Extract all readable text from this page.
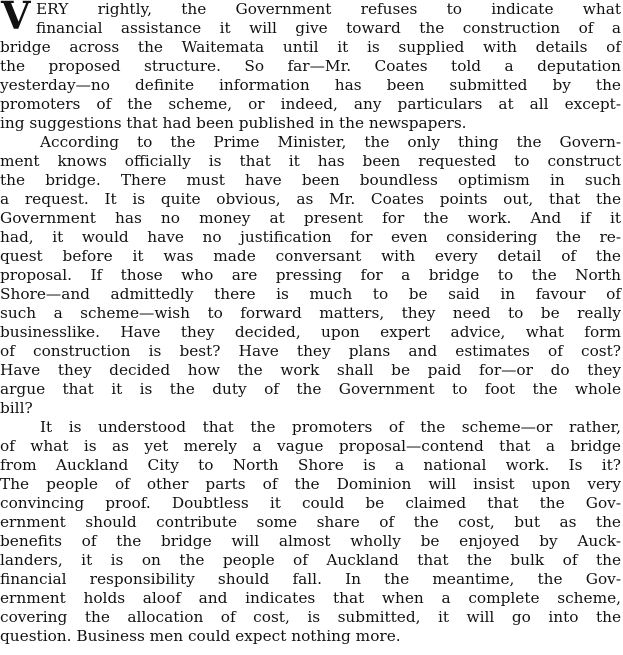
V ERY rightly, the Government refuses to indicate what
financial assistance it will give toward the construction of a
bridge across the Waitemata until it is supplied with details of
the proposed structure. So far—Mr. Coates told a deputation
yesterday—no definite information has been submitted by the
promoters of the scheme, or indeed, any particulars at all except-
ing suggestions that had been published in the newspapers.
According to the Prime Minister, the only thing the Govern-
ment knows officially is that it has been requested to construct
the bridge. There must have been boundless optimism in such
a request. It is quite obvious, as Mr. Coates points out, that the
Government has no money at present for the work. And if it
had, it would have no justification for even considering the re-
quest before it was made conversant with every detail of the
proposal. If those who are pressing for a bridge to the North
Shore—and admittedly there is much to be said in favour of
such a scheme—wish to forward matters, they need to be really
businesslike. Have they decided, upon expert advice, what form
of construction is best? Have they plans and estimates of cost?
Have they decided how the work shall be paid for—or do they
argue that it is the duty of the Government to foot the whole
bill?
It is understood that the promoters of the scheme—or rather,
of what is as yet merely a vague proposal—contend that a bridge
from Auckland City to North Shore is a national work. Is it?
The people of other parts of the Dominion will insist upon very
convincing proof. Doubtless it could be claimed that the Gov-
ernment should contribute some share of the cost, but as the
benefits of the bridge will almost wholly be enjoyed by Auck-
landers, it is on the people of Auckland that the bulk of the
financial responsibility should fall. In the meantime, the Gov-
ernment holds aloof and indicates that when a complete scheme,
covering the allocation of cost, is submitted, it will go into the
question. Business men could expect nothing more.
